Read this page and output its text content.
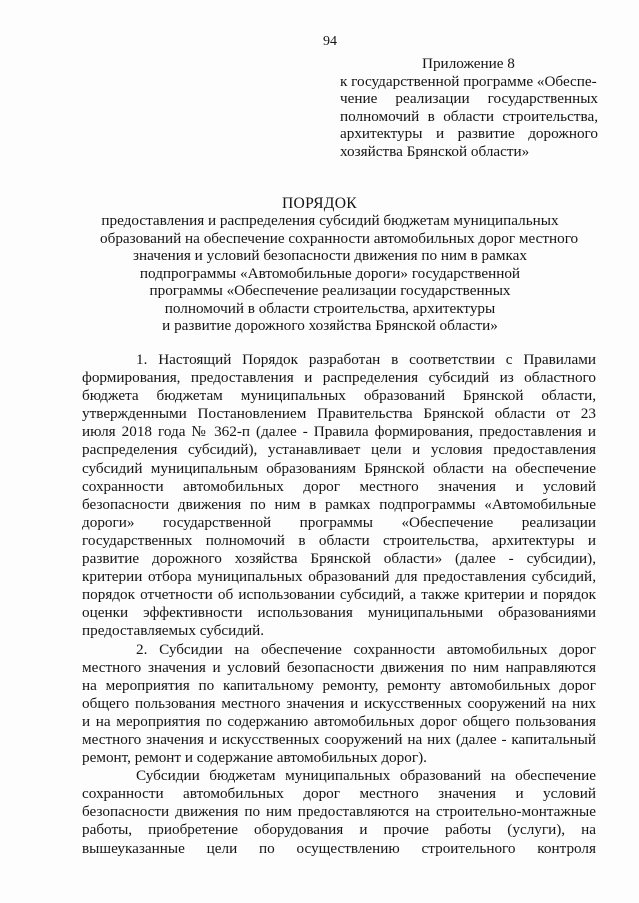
94
Приложение 8
к государственной программе «Обеспе-
чение реализации государственных
полномочий в области строительства,
архитектуры и развитие дорожного
хозяйства Брянской области»
ПОРЯДОК
предоставления и распределения субсидий бюджетам муниципальных
образований на обеспечение сохранности автомобильных дорог местного
значения и условий безопасности движения по ним в рамках
подпрограммы «Автомобильные дороги» государственной
программы «Обеспечение реализации государственных
полномочий в области строительства, архитектуры
и развитие дорожного хозяйства Брянской области»
1. Настоящий Порядок разработан в соответствии с Правилами
формирования, предоставления и распределения субсидий из областного
бюджета бюджетам муниципальных образований Брянской области,
утвержденными Постановлением Правительства Брянской области от 23
июля 2018 года № 362-п (далее - Правила формирования, предоставления и
распределения субсидий), устанавливает цели и условия предоставления
субсидий муниципальным образованиям Брянской области на обеспечение
сохранности автомобильных дорог местного значения и условий
безопасности движения по ним в рамках подпрограммы «Автомобильные
дороги» государственной программы «Обеспечение реализации
государственных полномочий в области строительства, архитектуры и
развитие дорожного хозяйства Брянской области» (далее - субсидии),
критерии отбора муниципальных образований для предоставления субсидий,
порядок отчетности об использовании субсидий, а также критерии и порядок
оценки эффективности использования муниципальными образованиями
предоставляемых субсидий.
2. Субсидии на обеспечение сохранности автомобильных дорог
местного значения и условий безопасности движения по ним направляются
на мероприятия по капитальному ремонту, ремонту автомобильных дорог
общего пользования местного значения и искусственных сооружений на них
и на мероприятия по содержанию автомобильных дорог общего пользования
местного значения и искусственных сооружений на них (далее - капитальный
ремонт, ремонт и содержание автомобильных дорог).
Субсидии бюджетам муниципальных образований на обеспечение
сохранности автомобильных дорог местного значения и условий
безопасности движения по ним предоставляются на строительно-монтажные
работы, приобретение оборудования и прочие работы (услуги), на
вышеуказанные цели по осуществлению строительного контроля
